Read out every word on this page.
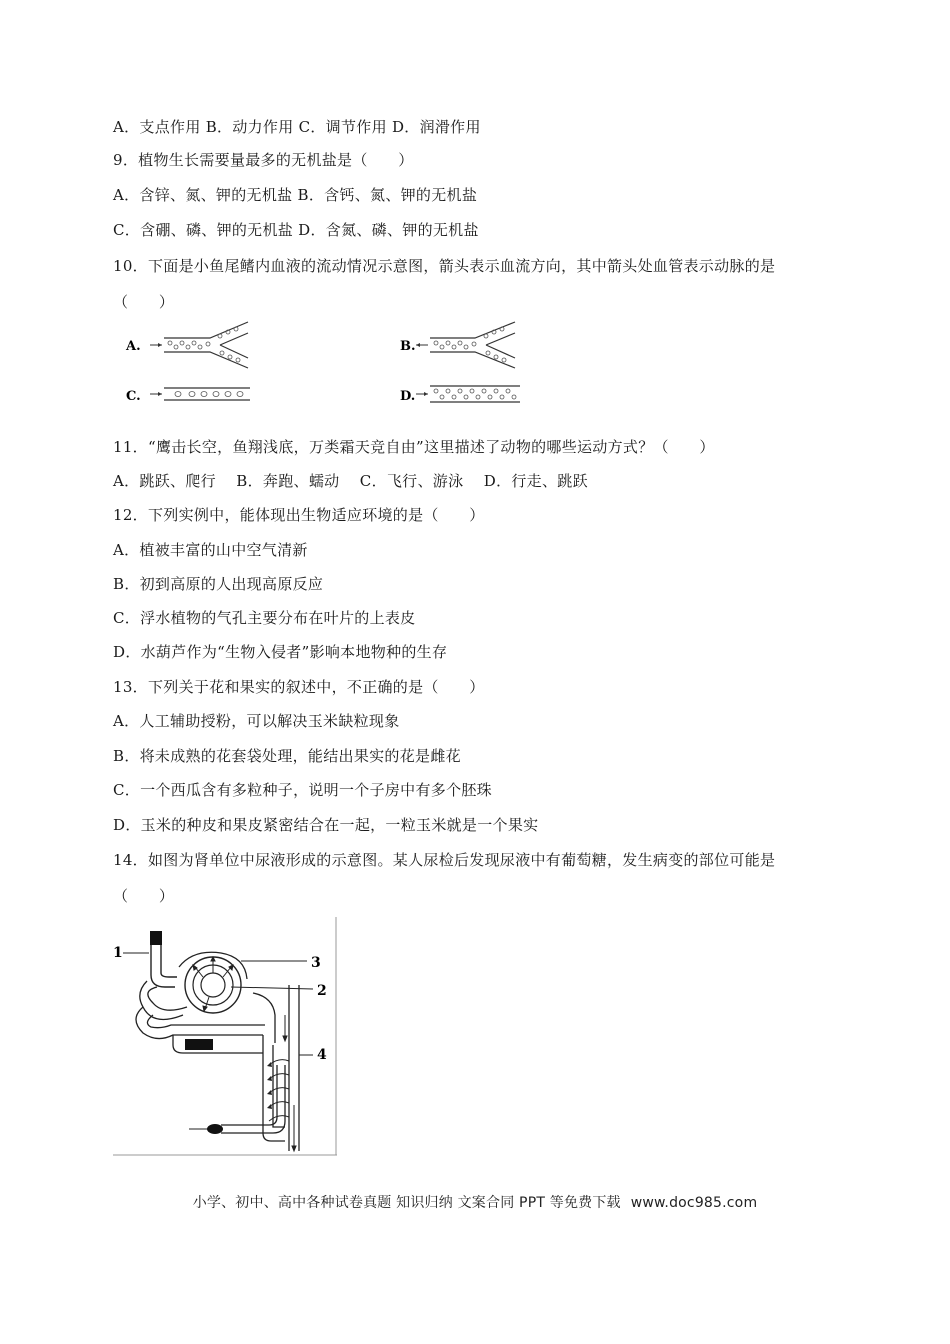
A．支点作用 B．动力作用 C．调节作用 D．润滑作用
9．植物生长需要量最多的无机盐是（　　）
A．含锌、氮、钾的无机盐 B．含钙、氮、钾的无机盐
C．含硼、磷、钾的无机盐 D．含氮、磷、钾的无机盐
10．下面是小鱼尾鳍内血液的流动情况示意图，箭头表示血流方向，其中箭头处血管表示动脉的是
（　　）
A.	B.
C.	D.
11．“鹰击长空，鱼翔浅底，万类霜天竞自由”这里描述了动物的哪些运动方式？（　　）
A．跳跃、爬行　 B．奔跑、蠕动　 C．飞行、游泳　 D．行走、跳跃
12．下列实例中，能体现出生物适应环境的是（　　）
A．植被丰富的山中空气清新
B．初到高原的人出现高原反应
C．浮水植物的气孔主要分布在叶片的上表皮
D．水葫芦作为“生物入侵者”影响本地物种的生存
13．下列关于花和果实的叙述中，不正确的是（　　）
A．人工辅助授粉，可以解决玉米缺粒现象
B．将未成熟的花套袋处理，能结出果实的花是雌花
C．一个西瓜含有多粒种子，说明一个子房中有多个胚珠
D．玉米的种皮和果皮紧密结合在一起，一粒玉米就是一个果实
14．如图为肾单位中尿液形成的示意图。某人尿检后发现尿液中有葡萄糖，发生病变的部位可能是
（　　）
1
3
2
4
小学、初中、高中各种试卷真题 知识归纳 文案合同 PPT 等免费下载 www.doc985.com
